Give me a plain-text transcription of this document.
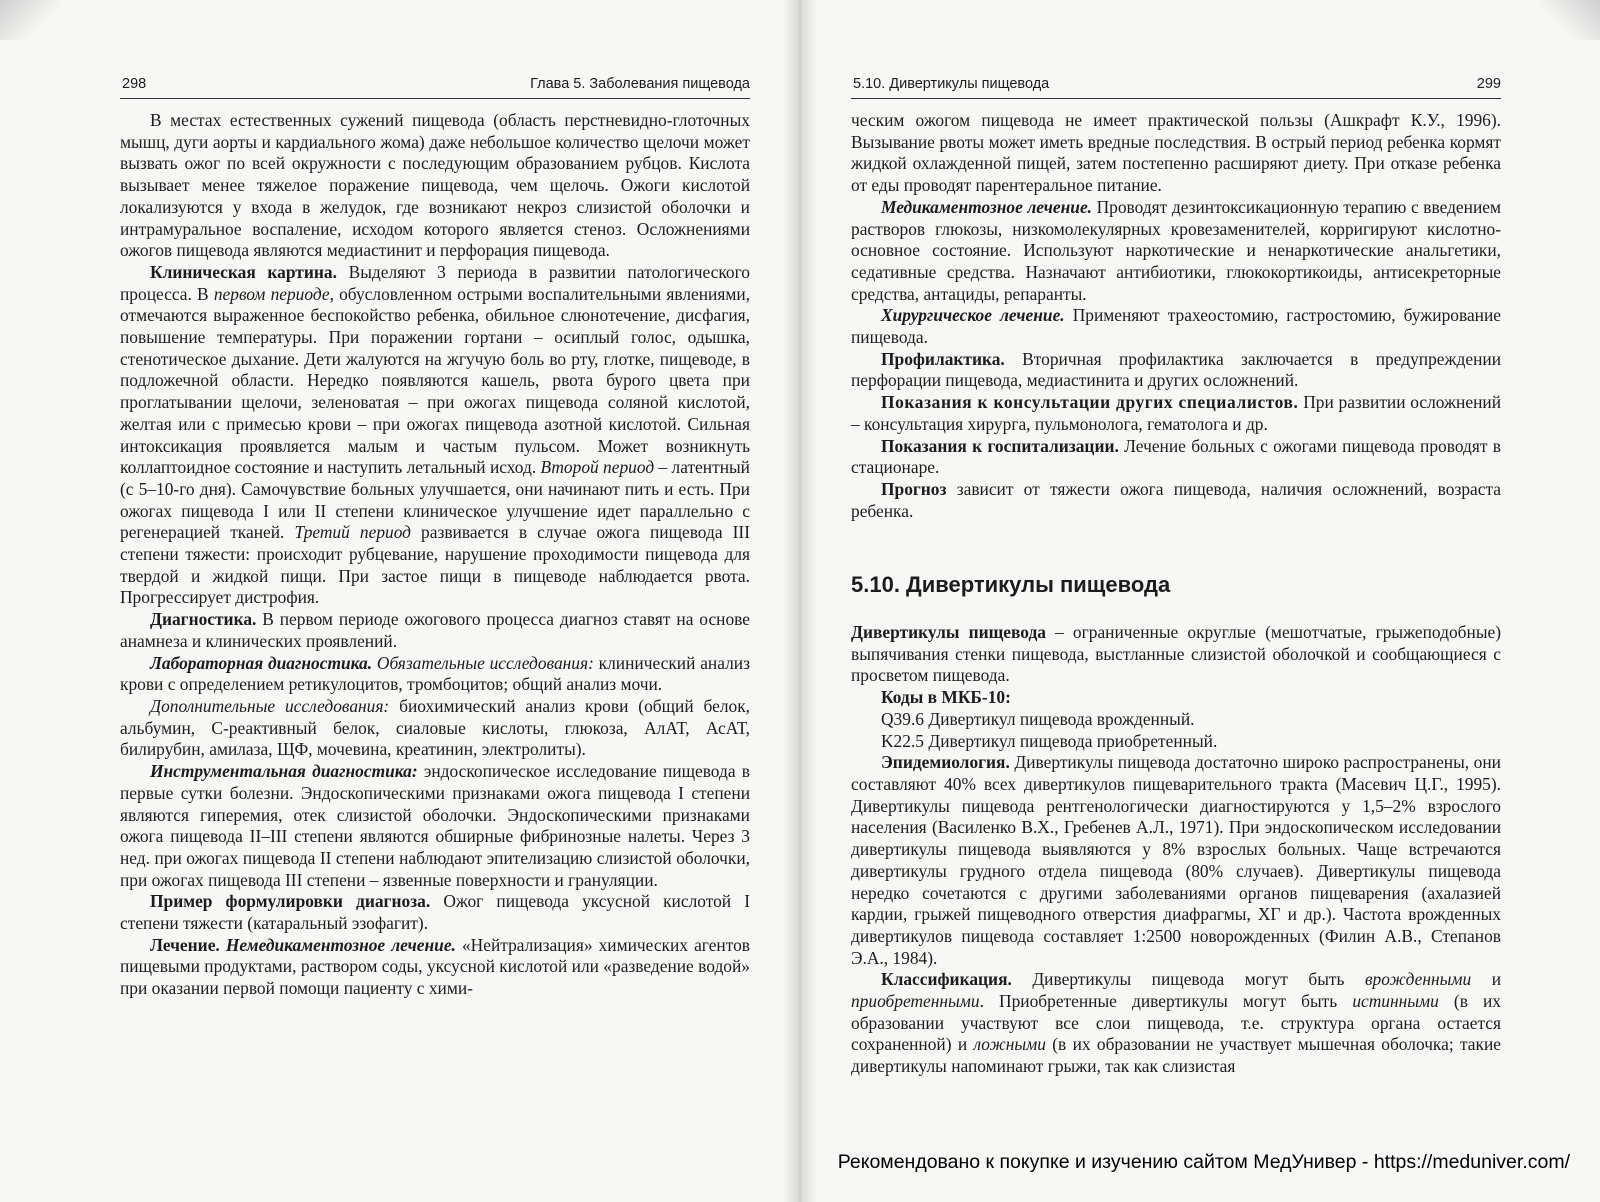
298	Глава 5. Заболевания пищевода

В местах естественных сужений пищевода (область перстневидно-глоточных мышц, дуги аорты и кардиального жома) даже небольшое количество щелочи может вызвать ожог по всей окружности с последующим образованием рубцов. Кислота вызывает менее тяжелое поражение пищевода, чем щелочь. Ожоги кислотой локализуются у входа в желудок, где возникают некроз слизистой оболочки и интрамуральное воспаление, исходом которого является стеноз. Осложнениями ожогов пищевода являются медиастинит и перфорация пищевода.

Клиническая картина. Выделяют 3 периода в развитии патологического процесса. В первом периоде, обусловленном острыми воспалительными явлениями, отмечаются выраженное беспокойство ребенка, обильное слюнотечение, дисфагия, повышение температуры. При поражении гортани – осиплый голос, одышка, стенотическое дыхание. Дети жалуются на жгучую боль во рту, глотке, пищеводе, в подложечной области. Нередко появляются кашель, рвота бурого цвета при проглатывании щелочи, зеленоватая – при ожогах пищевода соляной кислотой, желтая или с примесью крови – при ожогах пищевода азотной кислотой. Сильная интоксикация проявляется малым и частым пульсом. Может возникнуть коллаптоидное состояние и наступить летальный исход. Второй период – латентный (с 5–10-го дня). Самочувствие больных улучшается, они начинают пить и есть. При ожогах пищевода I или II степени клиническое улучшение идет параллельно с регенерацией тканей. Третий период развивается в случае ожога пищевода III степени тяжести: происходит рубцевание, нарушение проходимости пищевода для твердой и жидкой пищи. При застое пищи в пищеводе наблюдается рвота. Прогрессирует дистрофия.

Диагностика. В первом периоде ожогового процесса диагноз ставят на основе анамнеза и клинических проявлений.

Лабораторная диагностика. Обязательные исследования: клинический анализ крови с определением ретикулоцитов, тромбоцитов; общий анализ мочи.

Дополнительные исследования: биохимический анализ крови (общий белок, альбумин, С-реактивный белок, сиаловые кислоты, глюкоза, АлАТ, АсАТ, билирубин, амилаза, ЩФ, мочевина, креатинин, электролиты).

Инструментальная диагностика: эндоскопическое исследование пищевода в первые сутки болезни. Эндоскопическими признаками ожога пищевода I степени являются гиперемия, отек слизистой оболочки. Эндоскопическими признаками ожога пищевода II–III степени являются обширные фибринозные налеты. Через 3 нед. при ожогах пищевода II степени наблюдают эпителизацию слизистой оболочки, при ожогах пищевода III степени – язвенные поверхности и грануляции.

Пример формулировки диагноза. Ожог пищевода уксусной кислотой I степени тяжести (катаральный эзофагит).

Лечение. Немедикаментозное лечение. «Нейтрализация» химических агентов пищевыми продуктами, раствором соды, уксусной кислотой или «разведение водой» при оказании первой помощи пациенту с хими-

5.10. Дивертикулы пищевода	299

ческим ожогом пищевода не имеет практической пользы (Ашкрафт К.У., 1996). Вызывание рвоты может иметь вредные последствия. В острый период ребенка кормят жидкой охлажденной пищей, затем постепенно расширяют диету. При отказе ребенка от еды проводят парентеральное питание.

Медикаментозное лечение. Проводят дезинтоксикационную терапию с введением растворов глюкозы, низкомолекулярных кровезаменителей, корригируют кислотно-основное состояние. Используют наркотические и ненаркотические анальгетики, седативные средства. Назначают антибиотики, глюкокортикоиды, антисекреторные средства, антациды, репаранты.

Хирургическое лечение. Применяют трахеостомию, гастростомию, бужирование пищевода.

Профилактика. Вторичная профилактика заключается в предупреждении перфорации пищевода, медиастинита и других осложнений.

Показания к консультации других специалистов. При развитии осложнений – консультация хирурга, пульмонолога, гематолога и др.

Показания к госпитализации. Лечение больных с ожогами пищевода проводят в стационаре.

Прогноз зависит от тяжести ожога пищевода, наличия осложнений, возраста ребенка.

5.10. Дивертикулы пищевода

Дивертикулы пищевода – ограниченные округлые (мешотчатые, грыжеподобные) выпячивания стенки пищевода, выстланные слизистой оболочкой и сообщающиеся с просветом пищевода.

Коды в МКБ-10:

Q39.6 Дивертикул пищевода врожденный.

K22.5 Дивертикул пищевода приобретенный.

Эпидемиология. Дивертикулы пищевода достаточно широко распространены, они составляют 40% всех дивертикулов пищеварительного тракта (Масевич Ц.Г., 1995). Дивертикулы пищевода рентгенологически диагностируются у 1,5–2% взрослого населения (Василенко В.Х., Гребенев А.Л., 1971). При эндоскопическом исследовании дивертикулы пищевода выявляются у 8% взрослых больных. Чаще встречаются дивертикулы грудного отдела пищевода (80% случаев). Дивертикулы пищевода нередко сочетаются с другими заболеваниями органов пищеварения (ахалазией кардии, грыжей пищеводного отверстия диафрагмы, ХГ и др.). Частота врожденных дивертикулов пищевода составляет 1:2500 новорожденных (Филин А.В., Степанов Э.А., 1984).

Классификация. Дивертикулы пищевода могут быть врожденными и приобретенными. Приобретенные дивертикулы могут быть истинными (в их образовании участвуют все слои пищевода, т.е. структура органа остается сохраненной) и ложными (в их образовании не участвует мышечная оболочка; такие дивертикулы напоминают грыжи, так как слизистая

Рекомендовано к покупке и изучению сайтом МедУнивер - https://meduniver.com/
